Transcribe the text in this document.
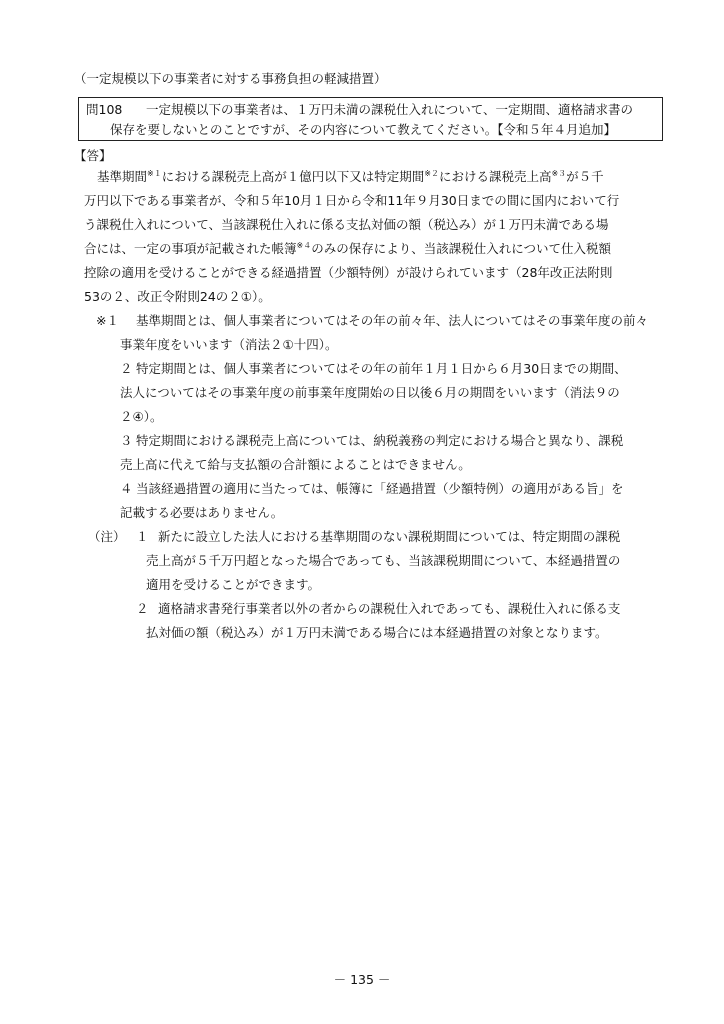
（一定規模以下の事業者に対する事務負担の軽減措置）
問108 一定規模以下の事業者は、１万円未満の課税仕入れについて、一定期間、適格請求書の
保存を要しないとのことですが、その内容について教えてください。【令和５年４月追加】
【答】
基準期間$^{※1}$における課税売上高が１億円以下又は特定期間$^{※2}$における課税売上高$^{※3}$が５千
万円以下である事業者が、令和５年10月１日から令和11年９月30日までの間に国内において行
う課税仕入れについて、当該課税仕入れに係る支払対価の額（税込み）が１万円未満である場
合には、一定の事項が記載された帳簿$^{※4}$のみの保存により、当該課税仕入れについて仕入税額
控除の適用を受けることができる経過措置（少額特例）が設けられています（28年改正法附則
53の２、改正令附則24の２①）。
※１ 基準期間とは、個人事業者についてはその年の前々年、法人についてはその事業年度の前々
事業年度をいいます（消法２①十四）。
２ 特定期間とは、個人事業者についてはその年の前年１月１日から６月30日までの期間、
法人についてはその事業年度の前事業年度開始の日以後６月の期間をいいます（消法９の
２④）。
３ 特定期間における課税売上高については、納税義務の判定における場合と異なり、課税
売上高に代えて給与支払額の合計額によることはできません。
４ 当該経過措置の適用に当たっては、帳簿に「経過措置（少額特例）の適用がある旨」を
記載する必要はありません。
（注） １ 新たに設立した法人における基準期間のない課税期間については、特定期間の課税
売上高が５千万円超となった場合であっても、当該課税期間について、本経過措置の
適用を受けることができます。
２ 適格請求書発行事業者以外の者からの課税仕入れであっても、課税仕入れに係る支
払対価の額（税込み）が１万円未満である場合には本経過措置の対象となります。
－ 135 －
